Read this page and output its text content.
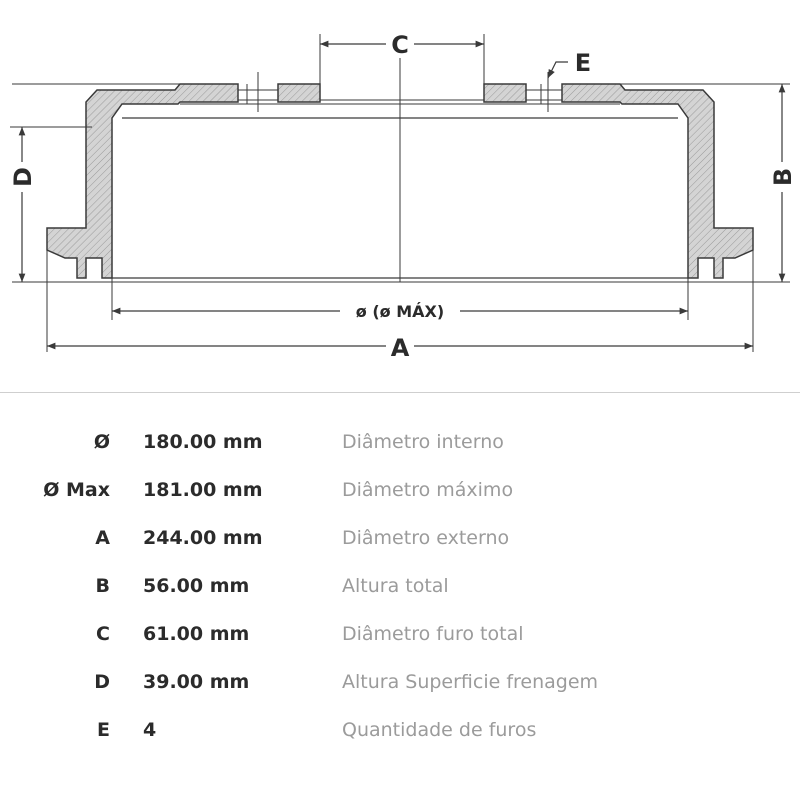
C
E
ø (ø MÁX)
A
D	B
Ø 180.00 mm	Diâmetro interno
Ø Max 181.00 mm	Diâmetro máximo
A 244.00 mm	Diâmetro externo
B 56.00 mm	Altura total
C 61.00 mm	Diâmetro furo total
D 39.00 mm	Altura Superficie frenagem
E 4	Quantidade de furos
